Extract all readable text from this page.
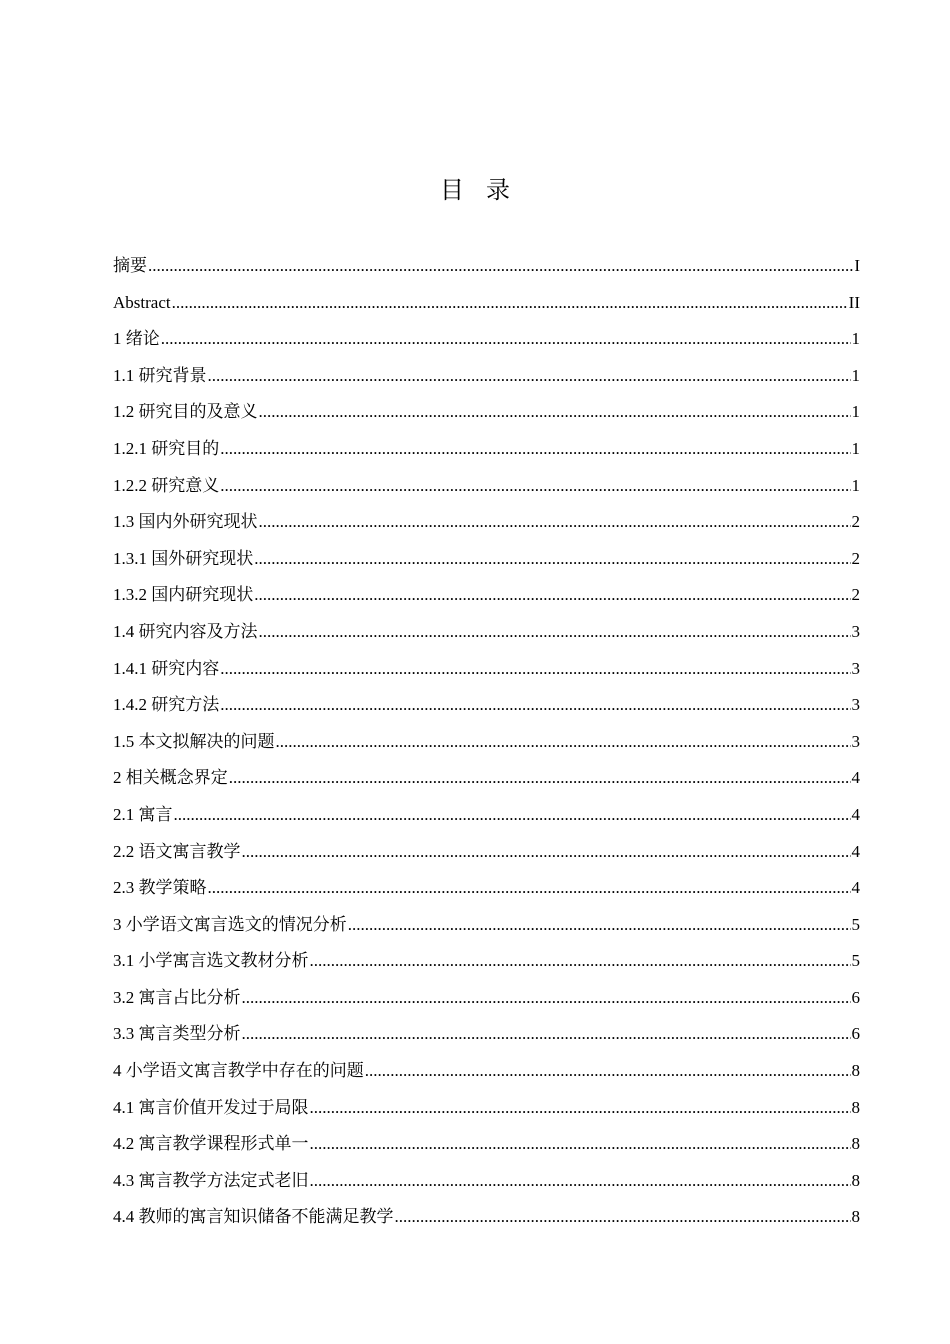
目录
摘要 .....	I
Abstract .....	II
1 绪论 .....	1
1.1 研究背景 .....	1
1.2 研究目的及意义 .....	1
1.2.1 研究目的 .....	1
1.2.2 研究意义 .....	1
1.3 国内外研究现状 .....	2
1.3.1 国外研究现状 .....	2
1.3.2 国内研究现状 .....	2
1.4 研究内容及方法 .....	3
1.4.1 研究内容 .....	3
1.4.2 研究方法 .....	3
1.5 本文拟解决的问题 .....	3
2 相关概念界定 .....	4
2.1 寓言 .....	4
2.2 语文寓言教学 .....	4
2.3 教学策略 .....	4
3 小学语文寓言选文的情况分析 .....	5
3.1 小学寓言选文教材分析 .....	5
3.2 寓言占比分析 .....	6
3.3 寓言类型分析 .....	6
4 小学语文寓言教学中存在的问题 .....	8
4.1 寓言价值开发过于局限 .....	8
4.2 寓言教学课程形式单一 .....	8
4.3 寓言教学方法定式老旧 .....	8
4.4 教师的寓言知识储备不能满足教学 .....	8
